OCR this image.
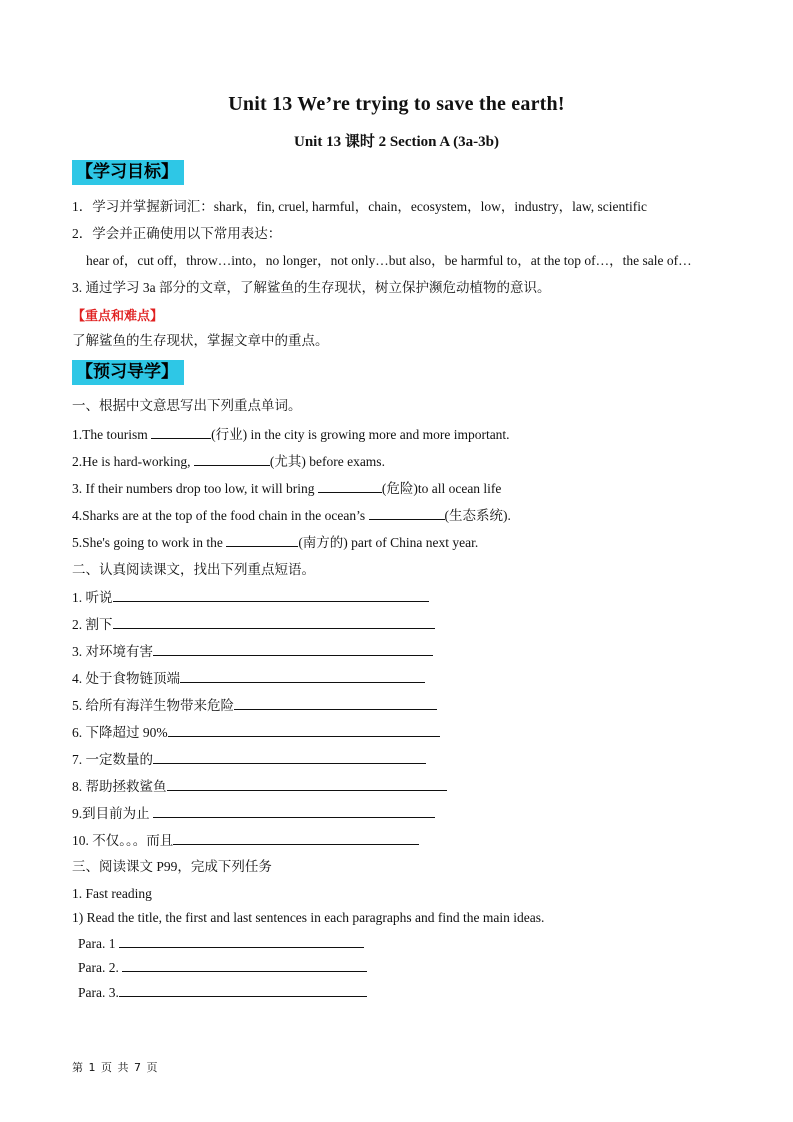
Unit 13 We’re trying to save the earth!
Unit 13 课时 2 Section A (3a-3b)
【学习目标】
1．学习并掌握新词汇：shark，fin, cruel, harmful，chain，ecosystem，low，industry，law, scientific
2．学会并正确使用以下常用表达：
hear of，cut off，throw…into，no longer，not only…but also，be harmful to，at the top of…，the sale of…
3. 通过学习 3a 部分的文章，了解鲨鱼的生存现状，树立保护濒危动植物的意识。
【重点和难点】
了解鲨鱼的生存现状，掌握文章中的重点。
【预习导学】
一、根据中文意思写出下列重点单词。
1.The tourism	(行业) in the city is growing more and more important.
2.He is hard-working,	(尤其) before exams.
3. If their numbers drop too low, it will bring	(危险)to all ocean life
4.Sharks are at the top of the food chain in the ocean’s	(生态系统).
5.She's going to work in the	(南方的) part of China next year.
二、认真阅读课文，找出下列重点短语。
1. 听说
2. 割下
3. 对环境有害
4. 处于食物链顶端
5. 给所有海洋生物带来危险
6. 下降超过 90%
7. 一定数量的
8. 帮助拯救鲨鱼
9.到目前为止
10. 不仅。。。而且
三、阅读课文 P99，完成下列任务
1. Fast reading
1) Read the title, the first and last sentences in each paragraphs and find the main ideas.
Para. 1
Para. 2.
Para. 3.
第 1 页 共 7 页
